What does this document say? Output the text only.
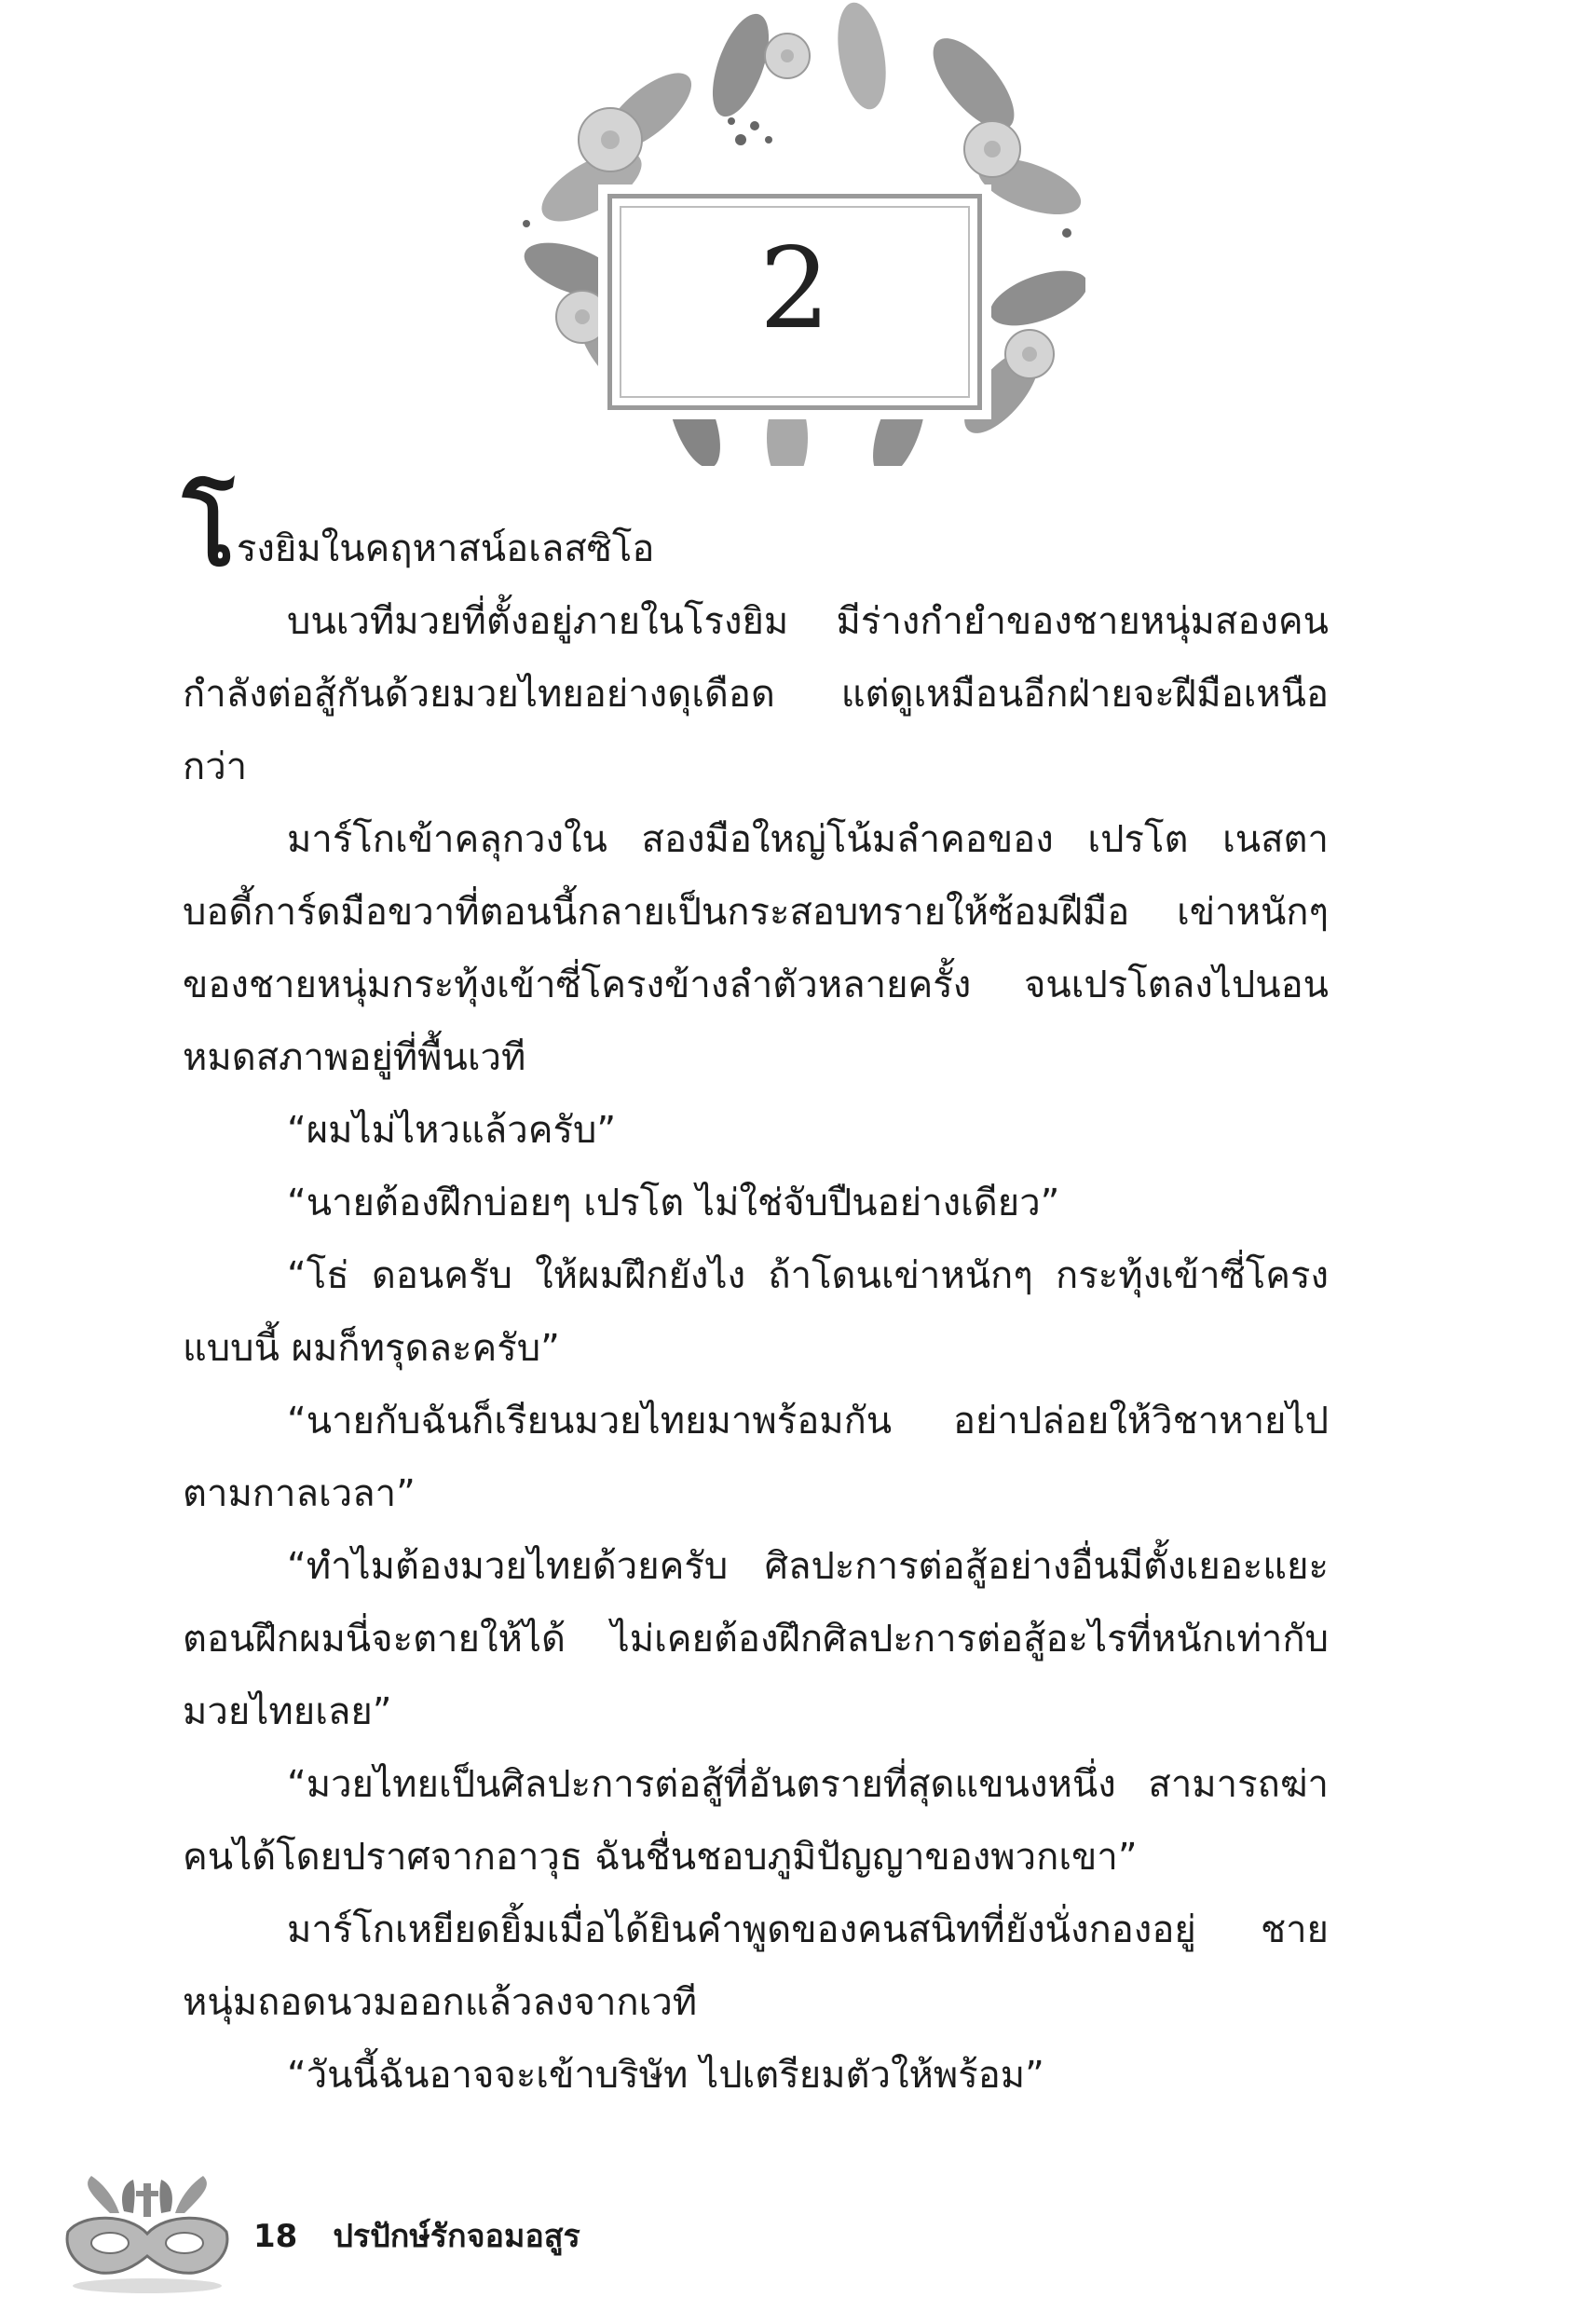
2

โรงยิมในคฤหาสน์อเลสซิโอ

บนเวทีมวยที่ตั้งอยู่ภายในโรงยิม มีร่างกำยำของชายหนุ่มสองคนกำลังต่อสู้กันด้วยมวยไทยอย่างดุเดือด แต่ดูเหมือนอีกฝ่ายจะฝีมือเหนือกว่า

มาร์โกเข้าคลุกวงใน สองมือใหญ่โน้มลำคอของ เปรโต เนสตา บอดี้การ์ดมือขวาที่ตอนนี้กลายเป็นกระสอบทรายให้ซ้อมฝีมือ เข่าหนักๆ ของชายหนุ่มกระทุ้งเข้าซี่โครงข้างลำตัวหลายครั้ง จนเปรโตลงไปนอนหมดสภาพอยู่ที่พื้นเวที

“ผมไม่ไหวแล้วครับ”

“นายต้องฝึกบ่อยๆ เปรโต ไม่ใช่จับปืนอย่างเดียว”

“โธ่ ดอนครับ ให้ผมฝึกยังไง ถ้าโดนเข่าหนักๆ กระทุ้งเข้าซี่โครงแบบนี้ ผมก็ทรุดละครับ”

“นายกับฉันก็เรียนมวยไทยมาพร้อมกัน อย่าปล่อยให้วิชาหายไปตามกาลเวลา”

“ทำไมต้องมวยไทยด้วยครับ ศิลปะการต่อสู้อย่างอื่นมีตั้งเยอะแยะ ตอนฝึกผมนี่จะตายให้ได้ ไม่เคยต้องฝึกศิลปะการต่อสู้อะไรที่หนักเท่ากับมวยไทยเลย”

“มวยไทยเป็นศิลปะการต่อสู้ที่อันตรายที่สุดแขนงหนึ่ง สามารถฆ่าคนได้โดยปราศจากอาวุธ ฉันชื่นชอบภูมิปัญญาของพวกเขา”

มาร์โกเหยียดยิ้มเมื่อได้ยินคำพูดของคนสนิทที่ยังนั่งกองอยู่ ชายหนุ่มถอดนวมออกแล้วลงจากเวที

“วันนี้ฉันอาจจะเข้าบริษัท ไปเตรียมตัวให้พร้อม”

18 ปรปักษ์รักจอมอสูร
